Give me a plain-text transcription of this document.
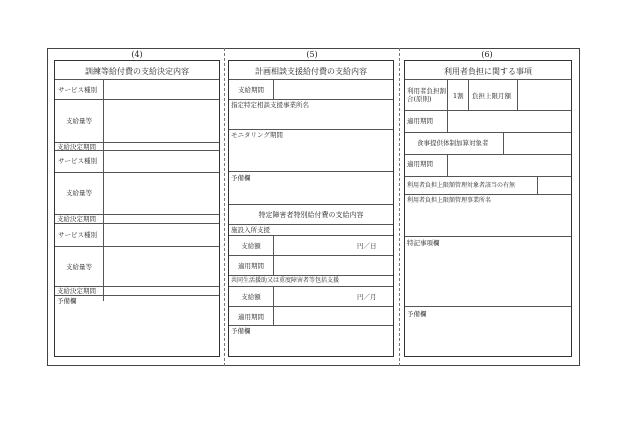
(4)
訓練等給付費の支給決定内容
サービス種別
支給量等
支給決定期間
サービス種別
支給量等
支給決定期間
サービス種別
支給量等
支給決定期間
予備欄
(5)
計画相談支援給付費の支給内容
支給期間
指定特定相談支援事業所名
モニタリング期間
予備欄
特定障害者特別給付費の支給内容
施設入所支援
支給額	円／日
適用期間
共同生活援助又は重度障害者等包括支援
支給額	円／月
適用期間
予備欄
(6)
利用者負担に関する事項
利用者負担割合(原則)	1割 負担上限月額
適用期間
食事提供体制加算対象者
適用期間
利用者負担上限額管理対象者該当の有無
利用者負担上限額管理事業所名
特記事項欄
予備欄
